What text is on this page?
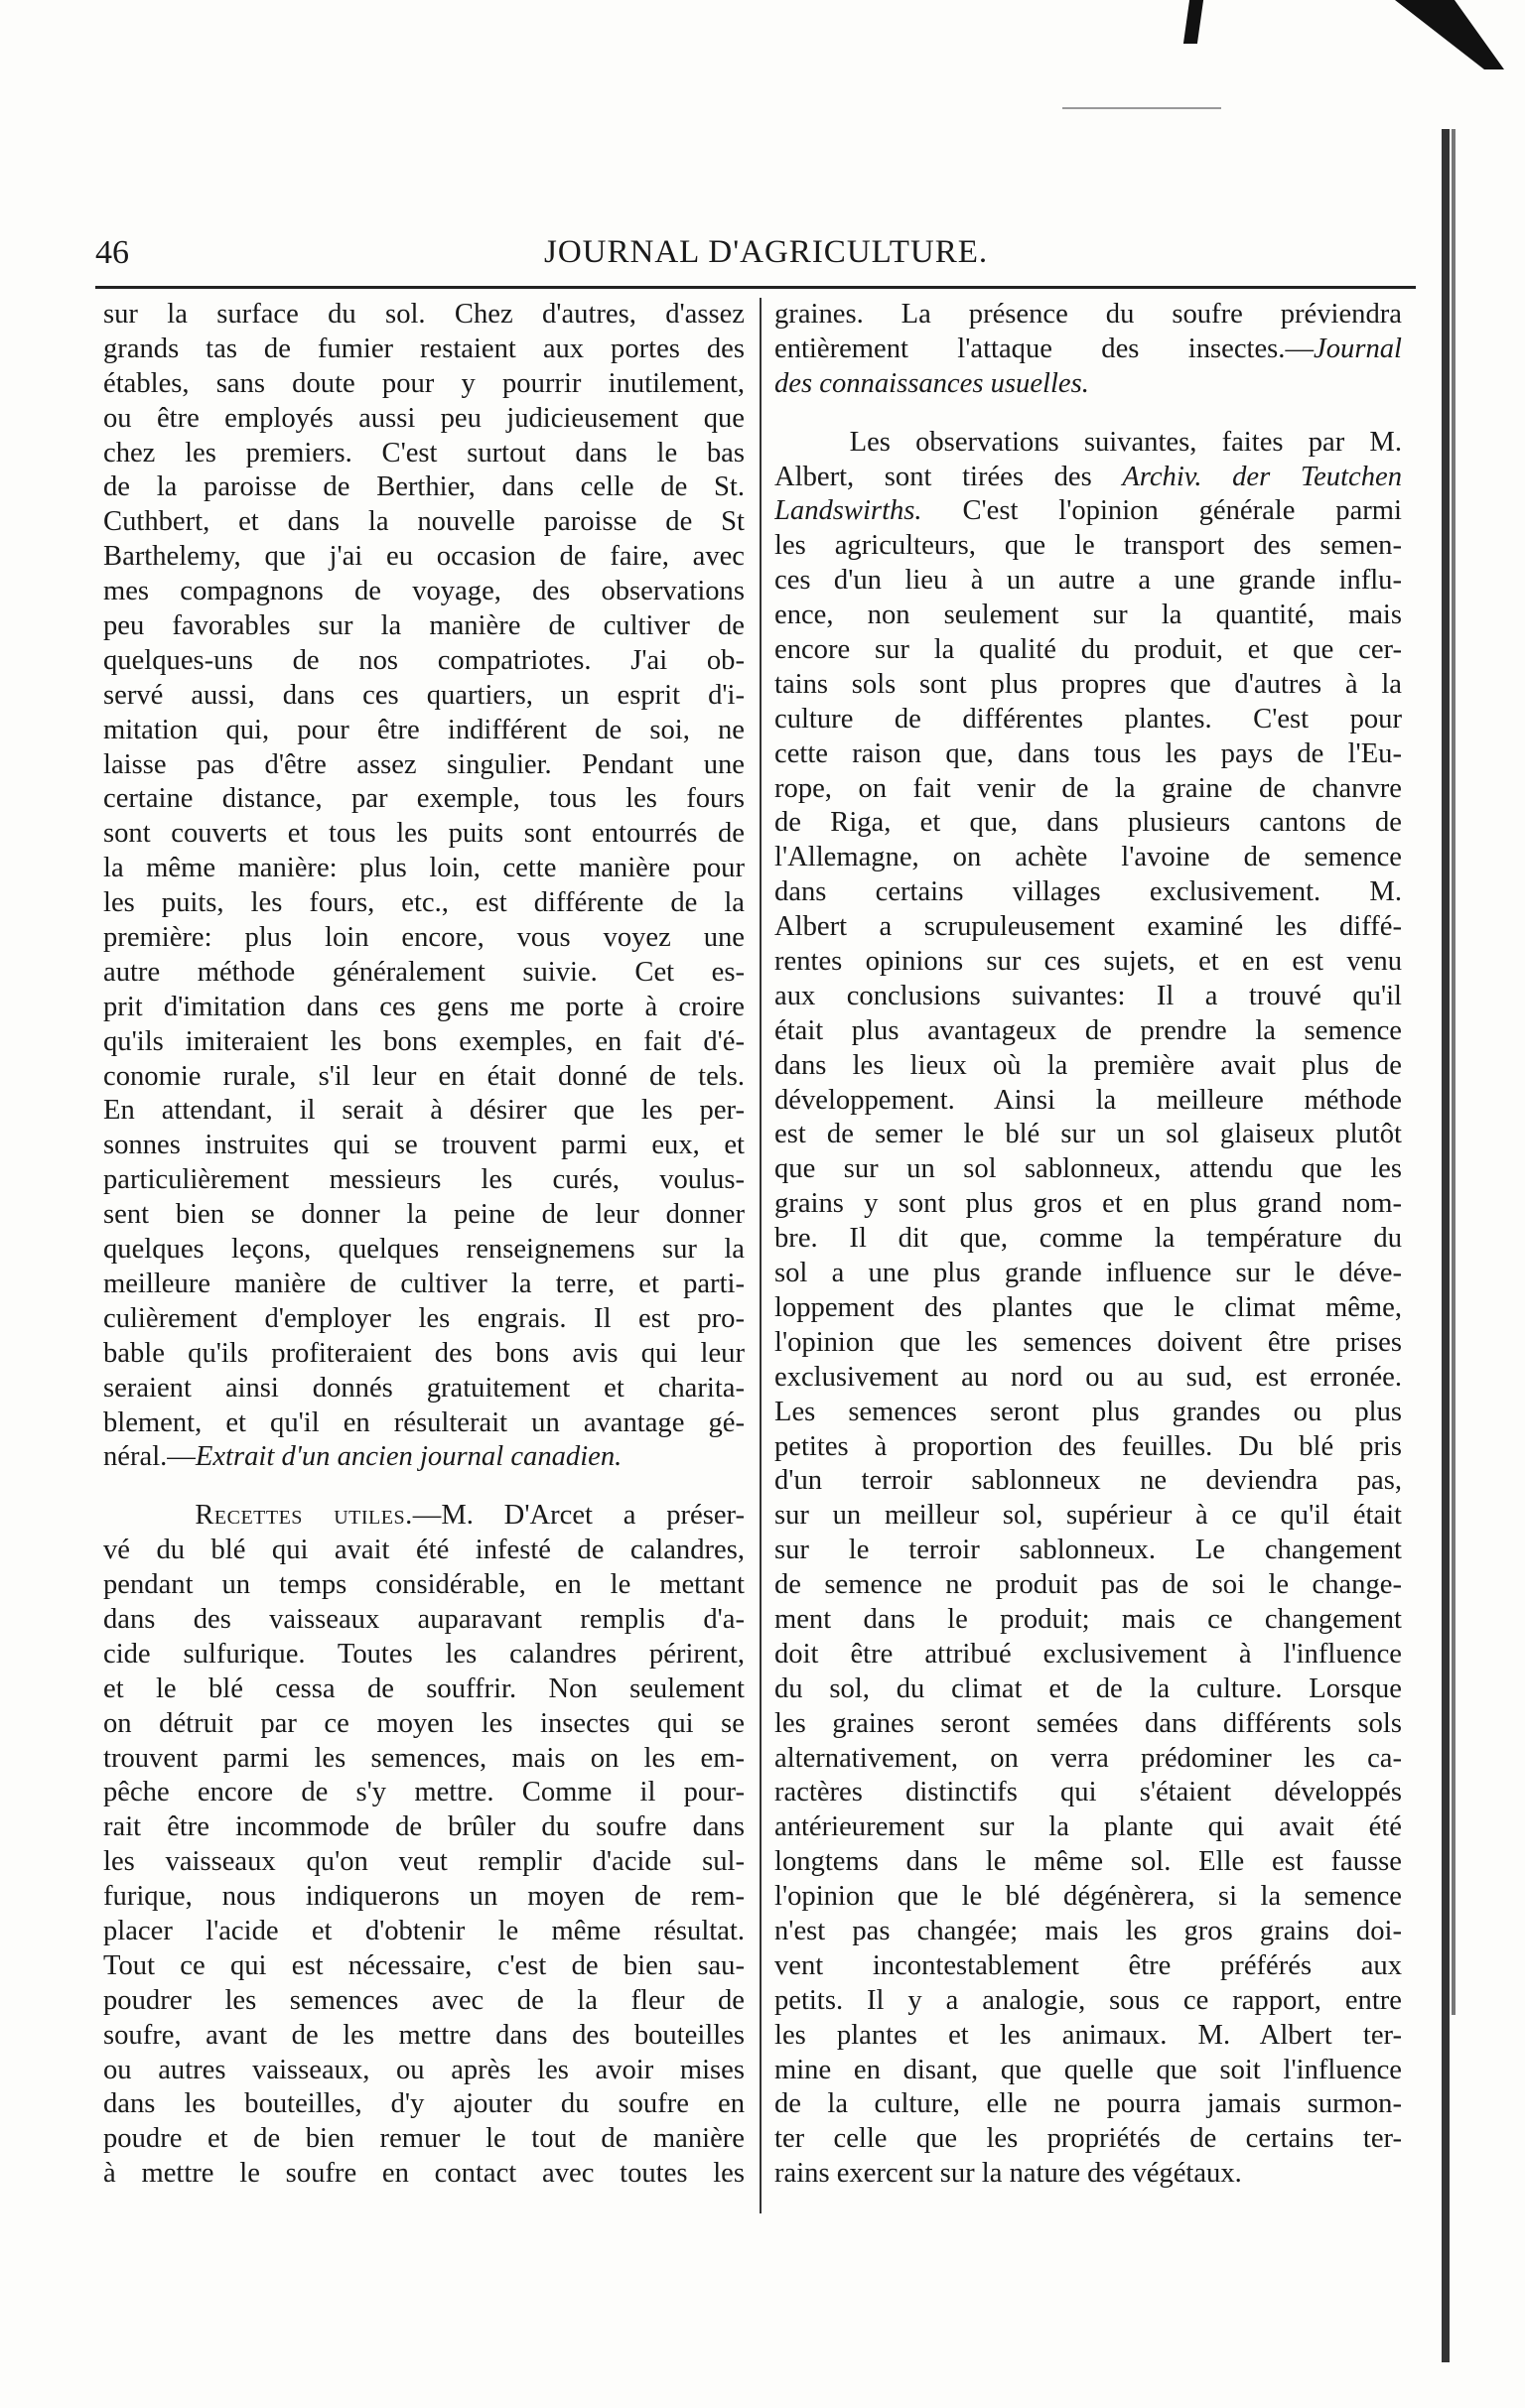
46	JOURNAL D'AGRICULTURE.
sur la surface du sol. Chez d'autres, d'assez
grands tas de fumier restaient aux portes des
étables, sans doute pour y pourrir inutilement,
ou être employés aussi peu judicieusement que
chez les premiers. C'est surtout dans le bas
de la paroisse de Berthier, dans celle de St.
Cuthbert, et dans la nouvelle paroisse de St
Barthelemy, que j'ai eu occasion de faire, avec
mes compagnons de voyage, des observations
peu favorables sur la manière de cultiver de
quelques-uns de nos compatriotes. J'ai ob-
servé aussi, dans ces quartiers, un esprit d'i-
mitation qui, pour être indifférent de soi, ne
laisse pas d'être assez singulier. Pendant une
certaine distance, par exemple, tous les fours
sont couverts et tous les puits sont entourrés de
la même manière: plus loin, cette manière pour
les puits, les fours, etc., est différente de la
première: plus loin encore, vous voyez une
autre méthode généralement suivie. Cet es-
prit d'imitation dans ces gens me porte à croire
qu'ils imiteraient les bons exemples, en fait d'é-
conomie rurale, s'il leur en était donné de tels.
En attendant, il serait à désirer que les per-
sonnes instruites qui se trouvent parmi eux, et
particulièrement messieurs les curés, voulus-
sent bien se donner la peine de leur donner
quelques leçons, quelques renseignemens sur la
meilleure manière de cultiver la terre, et parti-
culièrement d'employer les engrais. Il est pro-
bable qu'ils profiteraient des bons avis qui leur
seraient ainsi donnés gratuitement et charita-
blement, et qu'il en résulterait un avantage gé-
néral.—Extrait d'un ancien journal canadien.
Recettes utiles.—M. D'Arcet a préser-
vé du blé qui avait été infesté de calandres,
pendant un temps considérable, en le mettant
dans des vaisseaux auparavant remplis d'a-
cide sulfurique. Toutes les calandres périrent,
et le blé cessa de souffrir. Non seulement
on détruit par ce moyen les insectes qui se
trouvent parmi les semences, mais on les em-
pêche encore de s'y mettre. Comme il pour-
rait être incommode de brûler du soufre dans
les vaisseaux qu'on veut remplir d'acide sul-
furique, nous indiquerons un moyen de rem-
placer l'acide et d'obtenir le même résultat.
Tout ce qui est nécessaire, c'est de bien sau-
poudrer les semences avec de la fleur de
soufre, avant de les mettre dans des bouteilles
ou autres vaisseaux, ou après les avoir mises
dans les bouteilles, d'y ajouter du soufre en
poudre et de bien remuer le tout de manière
à mettre le soufre en contact avec toutes les
graines. La présence du soufre préviendra
entièrement l'attaque des insectes.—Journal
des connaissances usuelles.
Les observations suivantes, faites par M.
Albert, sont tirées des Archiv. der Teutchen
Landswirths. C'est l'opinion générale parmi
les agriculteurs, que le transport des semen-
ces d'un lieu à un autre a une grande influ-
ence, non seulement sur la quantité, mais
encore sur la qualité du produit, et que cer-
tains sols sont plus propres que d'autres à la
culture de différentes plantes. C'est pour
cette raison que, dans tous les pays de l'Eu-
rope, on fait venir de la graine de chanvre
de Riga, et que, dans plusieurs cantons de
l'Allemagne, on achète l'avoine de semence
dans certains villages exclusivement. M.
Albert a scrupuleusement examiné les diffé-
rentes opinions sur ces sujets, et en est venu
aux conclusions suivantes: Il a trouvé qu'il
était plus avantageux de prendre la semence
dans les lieux où la première avait plus de
développement. Ainsi la meilleure méthode
est de semer le blé sur un sol glaiseux plutôt
que sur un sol sablonneux, attendu que les
grains y sont plus gros et en plus grand nom-
bre. Il dit que, comme la température du
sol a une plus grande influence sur le déve-
loppement des plantes que le climat même,
l'opinion que les semences doivent être prises
exclusivement au nord ou au sud, est erronée.
Les semences seront plus grandes ou plus
petites à proportion des feuilles. Du blé pris
d'un terroir sablonneux ne deviendra pas,
sur un meilleur sol, supérieur à ce qu'il était
sur le terroir sablonneux. Le changement
de semence ne produit pas de soi le change-
ment dans le produit; mais ce changement
doit être attribué exclusivement à l'influence
du sol, du climat et de la culture. Lorsque
les graines seront semées dans différents sols
alternativement, on verra prédominer les ca-
ractères distinctifs qui s'étaient développés
antérieurement sur la plante qui avait été
longtems dans le même sol. Elle est fausse
l'opinion que le blé dégénèrera, si la semence
n'est pas changée; mais les gros grains doi-
vent incontestablement être préférés aux
petits. Il y a analogie, sous ce rapport, entre
les plantes et les animaux. M. Albert ter-
mine en disant, que quelle que soit l'influence
de la culture, elle ne pourra jamais surmon-
ter celle que les propriétés de certains ter-
rains exercent sur la nature des végétaux.
